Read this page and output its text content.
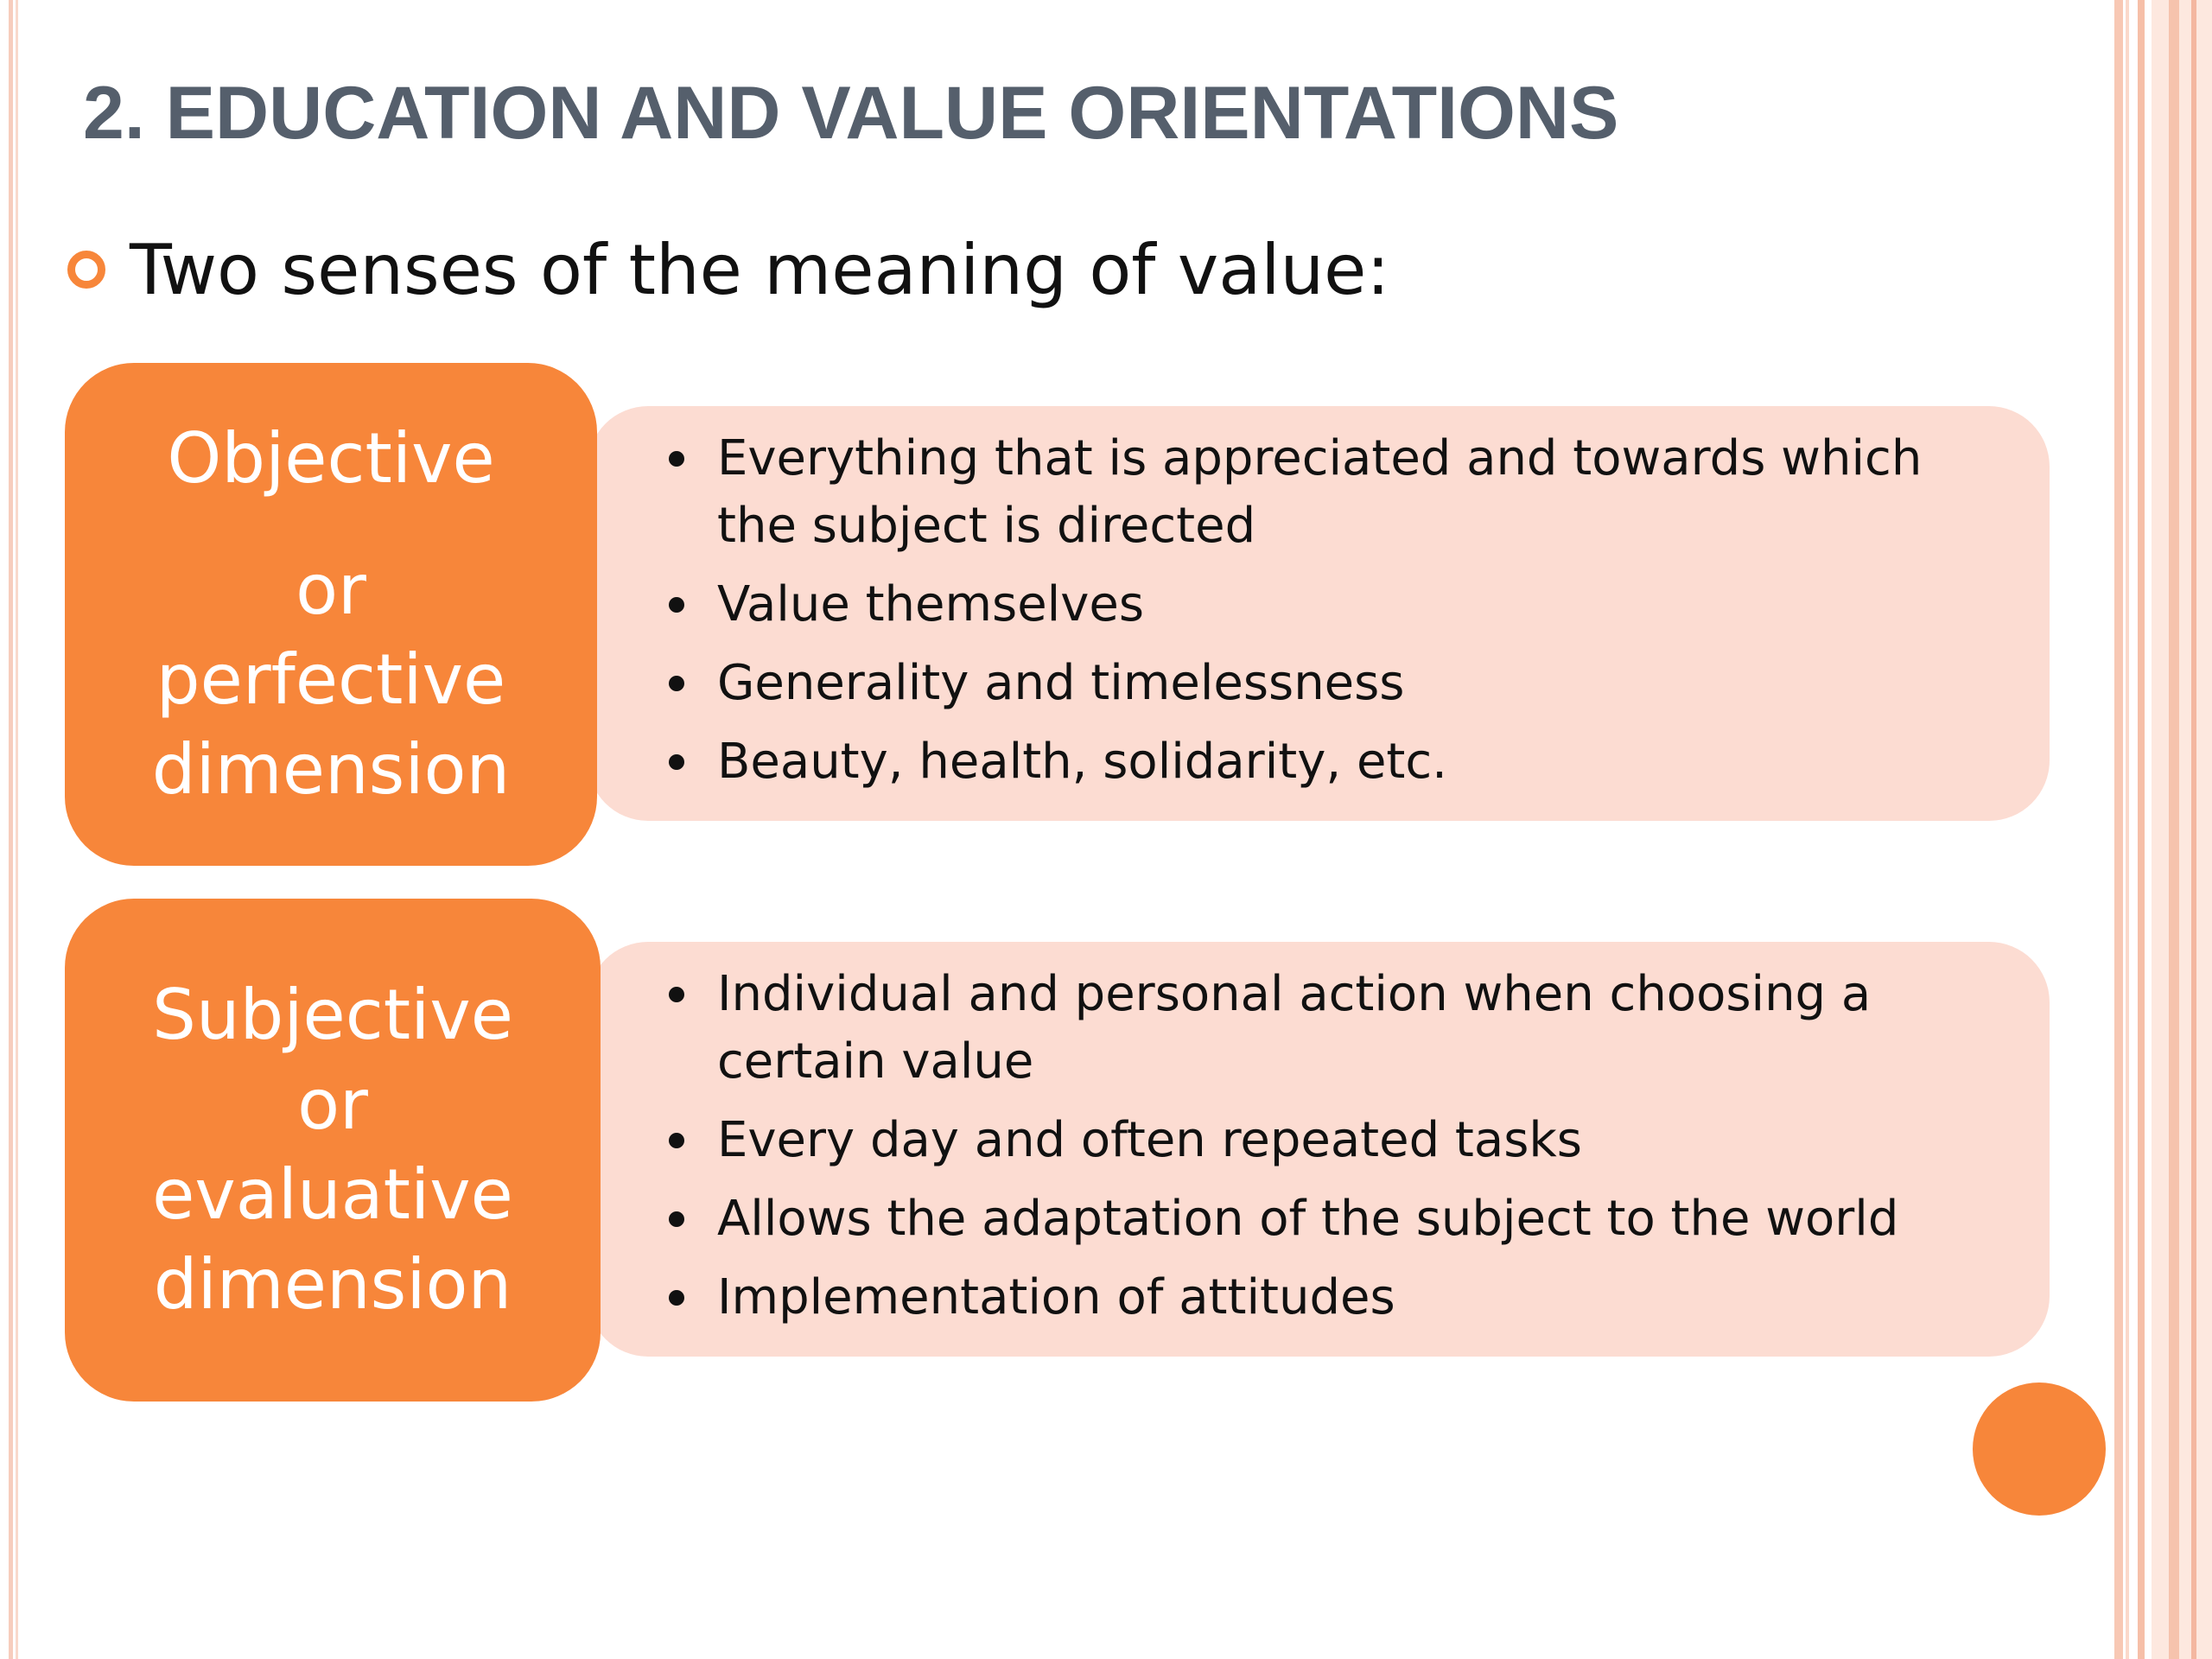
2. EDUCATION AND VALUE ORIENTATIONS
Two senses of the meaning of value:
Objective
or
perfective
dimension
Everything that is appreciated and towards which the subject is directed
Value themselves
Generality and timelessness
Beauty, health, solidarity, etc.
Subjective
or
evaluative
dimension
Individual and personal action when choosing a certain value
Every day and often repeated tasks
Allows the adaptation of the subject to the world
Implementation of attitudes
